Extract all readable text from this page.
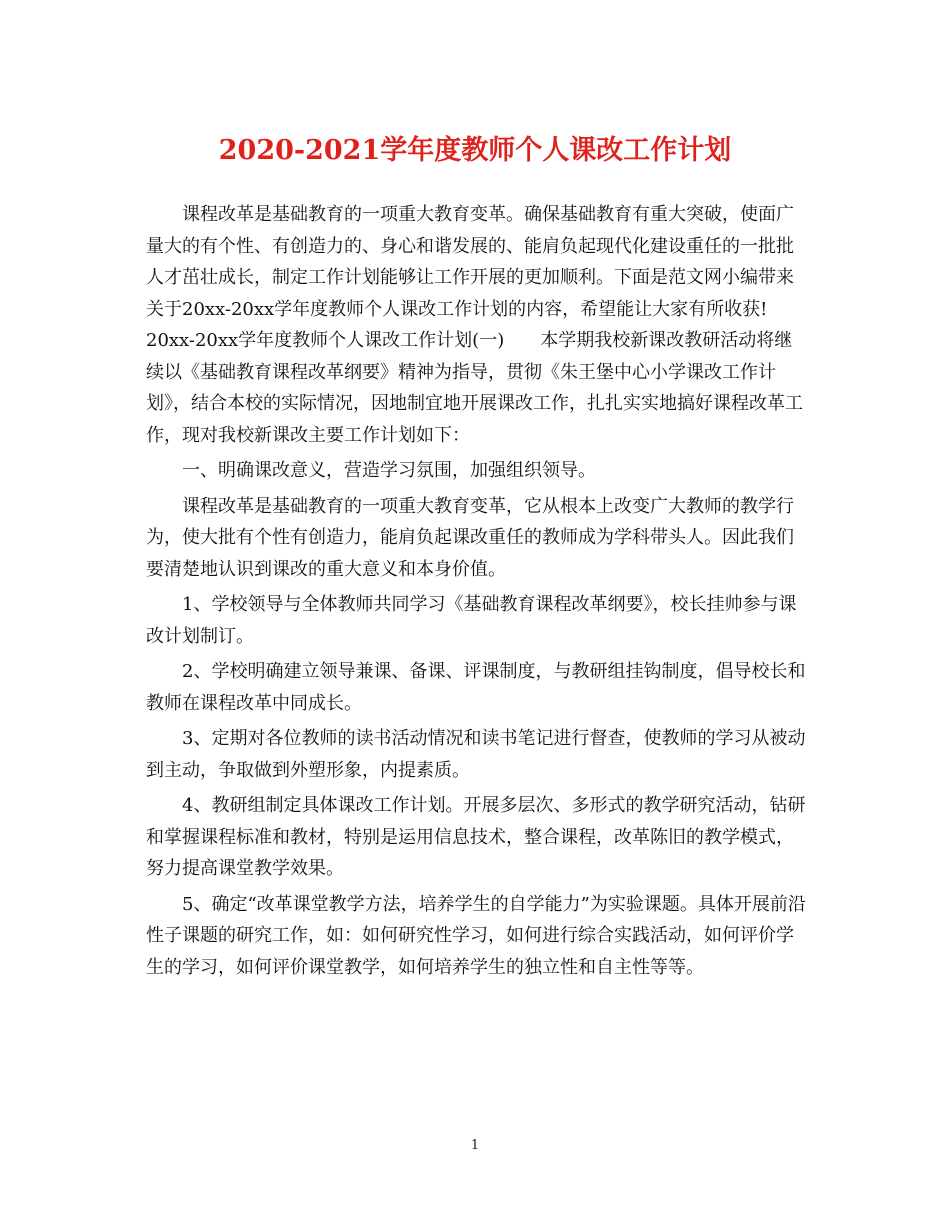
2020-2021学年度教师个人课改工作计划

课程改革是基础教育的一项重大教育变革。确保基础教育有重大突破，使面广量大的有个性、有创造力的、身心和谐发展的、能肩负起现代化建设重任的一批批人才茁壮成长，制定工作计划能够让工作开展的更加顺利。下面是范文网小编带来关于20xx-20xx学年度教师个人课改工作计划的内容，希望能让大家有所收获!

20xx-20xx学年度教师个人课改工作计划(一)　　本学期我校新课改教研活动将继续以《基础教育课程改革纲要》精神为指导，贯彻《朱王堡中心小学课改工作计划》，结合本校的实际情况，因地制宜地开展课改工作，扎扎实实地搞好课程改革工作，现对我校新课改主要工作计划如下：

一、明确课改意义，营造学习氛围，加强组织领导。

课程改革是基础教育的一项重大教育变革，它从根本上改变广大教师的教学行为，使大批有个性有创造力，能肩负起课改重任的教师成为学科带头人。因此我们要清楚地认识到课改的重大意义和本身价值。

1、学校领导与全体教师共同学习《基础教育课程改革纲要》，校长挂帅参与课改计划制订。

2、学校明确建立领导兼课、备课、评课制度，与教研组挂钩制度，倡导校长和教师在课程改革中同成长。

3、定期对各位教师的读书活动情况和读书笔记进行督查，使教师的学习从被动到主动，争取做到外塑形象，内提素质。

4、教研组制定具体课改工作计划。开展多层次、多形式的教学研究活动，钻研和掌握课程标准和教材，特别是运用信息技术，整合课程，改革陈旧的教学模式，努力提高课堂教学效果。

5、确定“改革课堂教学方法，培养学生的自学能力”为实验课题。具体开展前沿性子课题的研究工作，如：如何研究性学习，如何进行综合实践活动，如何评价学生的学习，如何评价课堂教学，如何培养学生的独立性和自主性等等。

1
